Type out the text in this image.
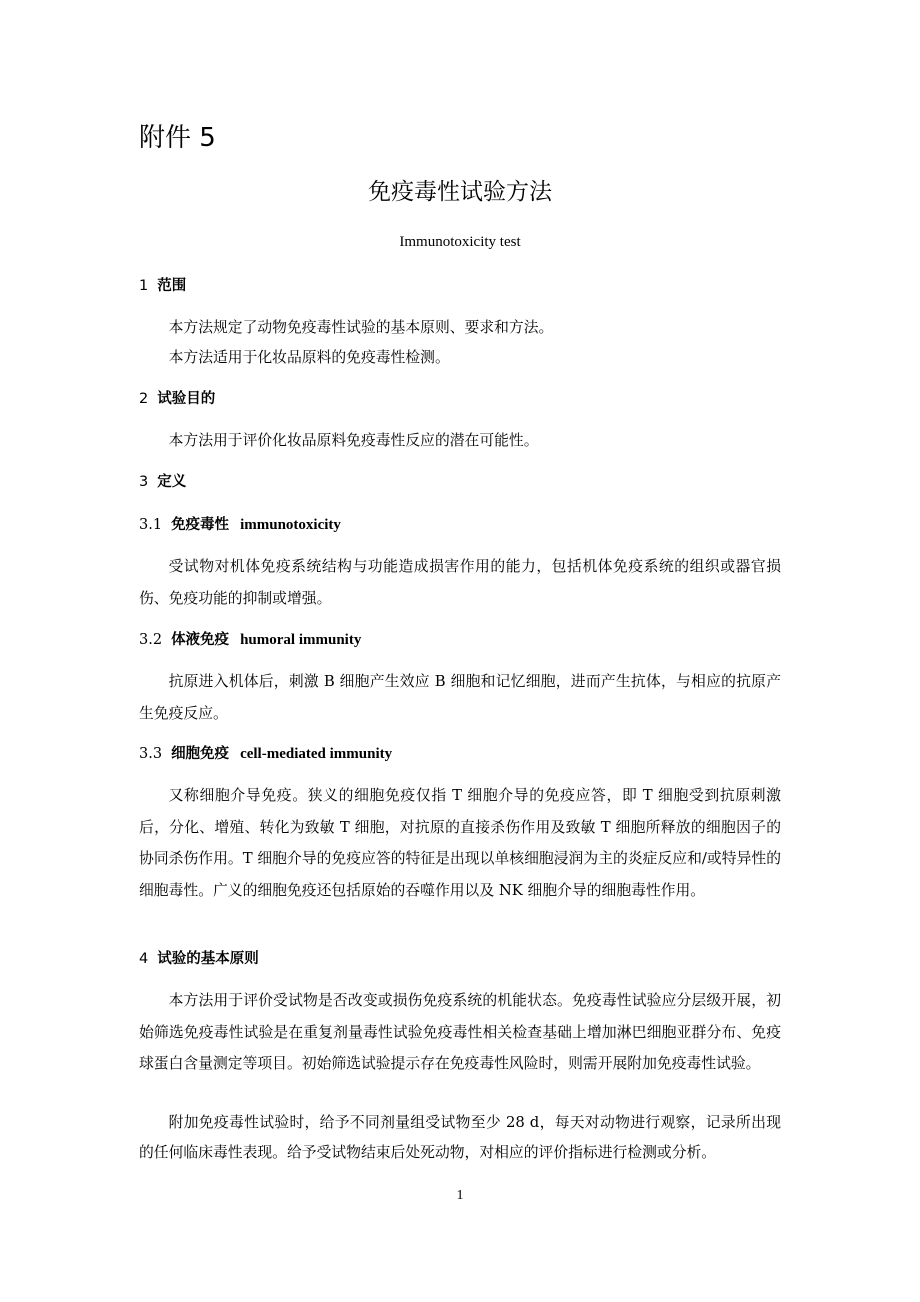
附件 5
免疫毒性试验方法
Immunotoxicity test
1 范围

本方法规定了动物免疫毒性试验的基本原则、要求和方法。

本方法适用于化妆品原料的免疫毒性检测。

2 试验目的

本方法用于评价化妆品原料免疫毒性反应的潜在可能性。

3 定义
3.1 免疫毒性 immunotoxicity

受试物对机体免疫系统结构与功能造成损害作用的能力，包括机体免疫系统的组织或器官损伤、免疫功能的抑制或增强。

3.2 体液免疫 humoral immunity

抗原进入机体后，刺激 B 细胞产生效应 B 细胞和记忆细胞，进而产生抗体，与相应的抗原产生免疫反应。

3.3 细胞免疫 cell-mediated immunity

又称细胞介导免疫。狭义的细胞免疫仅指 T 细胞介导的免疫应答，即 T 细胞受到抗原刺激后，分化、增殖、转化为致敏 T 细胞，对抗原的直接杀伤作用及致敏 T 细胞所释放的细胞因子的协同杀伤作用。T 细胞介导的免疫应答的特征是出现以单核细胞浸润为主的炎症反应和/或特异性的细胞毒性。广义的细胞免疫还包括原始的吞噬作用以及 NK 细胞介导的细胞毒性作用。

4 试验的基本原则

本方法用于评价受试物是否改变或损伤免疫系统的机能状态。免疫毒性试验应分层级开展，初始筛选免疫毒性试验是在重复剂量毒性试验免疫毒性相关检查基础上增加淋巴细胞亚群分布、免疫球蛋白含量测定等项目。初始筛选试验提示存在免疫毒性风险时，则需开展附加免疫毒性试验。

附加免疫毒性试验时，给予不同剂量组受试物至少 28 d，每天对动物进行观察，记录所出现的任何临床毒性表现。给予受试物结束后处死动物，对相应的评价指标进行检测或分析。

1
